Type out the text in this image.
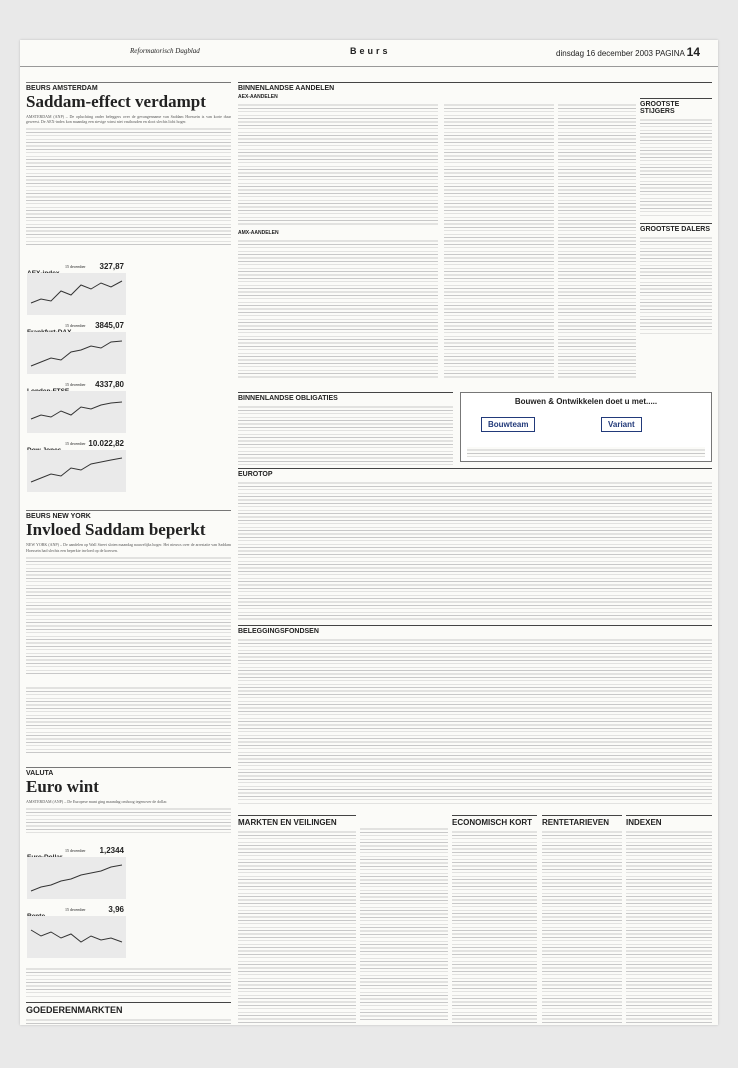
Reformatorisch Dagblad	Beurs	dinsdag 16 december 2003 PAGINA 14
BEURS AMSTERDAM
Saddam-effect verdampt
AMSTERDAM (ANP) – De opluchting onder beleggers over de gevangenname van Saddam Hoessein is van korte duur geweest. De AEX-index kon maandag een stevige winst niet vasthouden en sloot slechts licht hoger.
15 december 327,87

15 december 3845,07

15 december 4337,80

15 december 10.022,82
BEURS NEW YORK
Invloed Saddam beperkt
NEW YORK (ANP) – De aandelen op Wall Street sloten maandag nauwelijks hoger. Het nieuws over de arrestatie van Saddam Hoessein had slechts een beperkte invloed op de koersen.
VALUTA
Euro wint
AMSTERDAM (ANP) – De Europese munt ging maandag omhoog tegenover de dollar.
15 december 1,2344

15 december	3,96
GOEDERENMARKTEN
BINNENLANDSE AANDELEN
AEX-AANDELEN
AMX-AANDELEN
GROOTSTE STIJGERS
GROOTSTE DALERS
BINNENLANDSE OBLIGATIES	Bouwen & Ontwikkelen doet u met.....
Bouwteam	Variant
EUROTOP
BELEGGINGSFONDSEN
MARKTEN EN VEILINGEN	ECONOMISCH KORT	RENTETARIEVEN	INDEXEN
